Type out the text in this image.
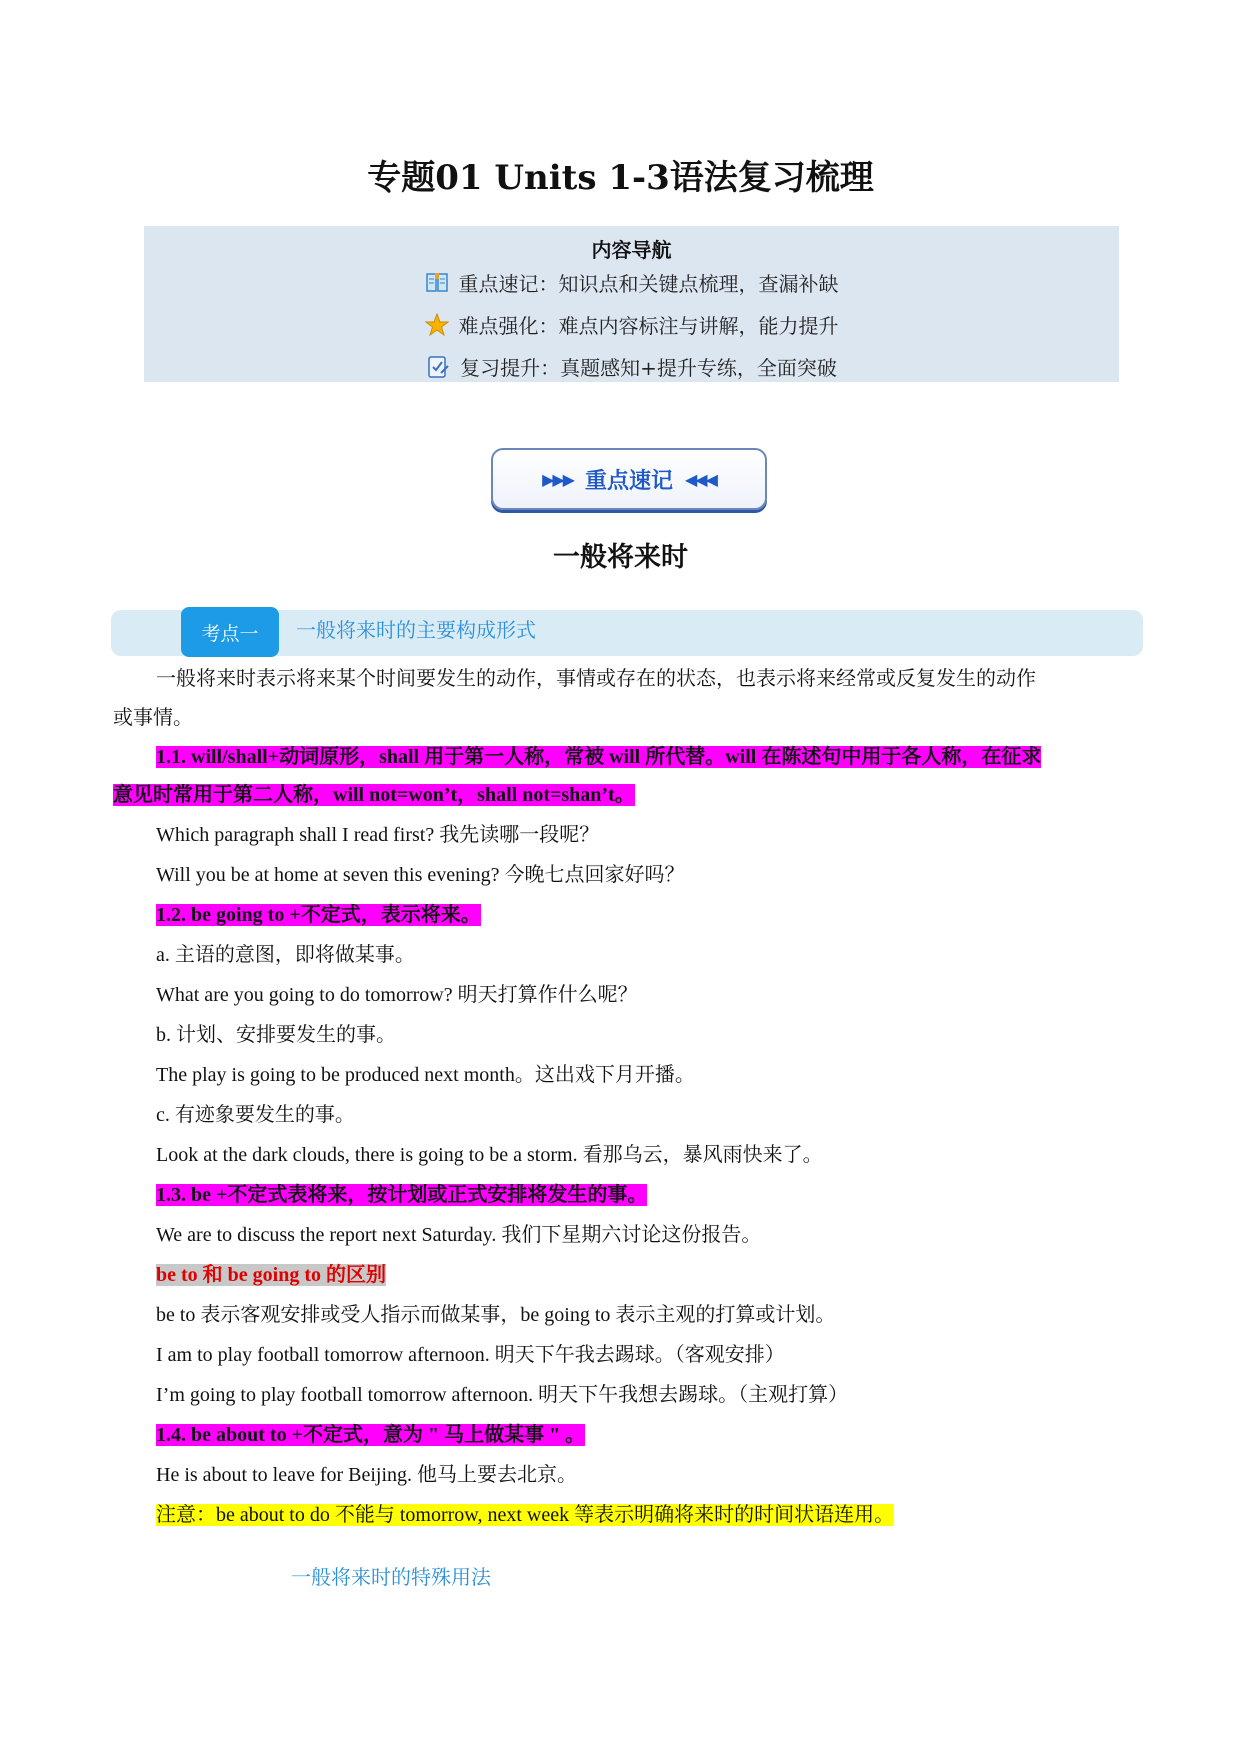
专题01 Units 1-3语法复习梳理
内容导航
重点速记：知识点和关键点梳理，查漏补缺
难点强化：难点内容标注与讲解，能力提升
复习提升：真题感知+提升专练，全面突破
▶▶▶ 重点速记 ◀◀◀
一般将来时
考点一	一般将来时的主要构成形式
一般将来时表示将来某个时间要发生的动作，事情或存在的状态，也表示将来经常或反复发生的动作
或事情。
1.1. will/shall+动词原形，shall 用于第一人称，常被 will 所代替。will 在陈述句中用于各人称，在征求
意见时常用于第二人称，will not=won’t，shall not=shan’t。
Which paragraph shall I read first? 我先读哪一段呢？
Will you be at home at seven this evening? 今晚七点回家好吗？
1.2. be going to +不定式，表示将来。
a. 主语的意图，即将做某事。
What are you going to do tomorrow? 明天打算作什么呢？
b. 计划、安排要发生的事。
The play is going to be produced next month。这出戏下月开播。
c. 有迹象要发生的事。
Look at the dark clouds, there is going to be a storm. 看那乌云，暴风雨快来了。
1.3. be +不定式表将来，按计划或正式安排将发生的事。
We are to discuss the report next Saturday. 我们下星期六讨论这份报告。
be to 和 be going to 的区别
be to 表示客观安排或受人指示而做某事，be going to 表示主观的打算或计划。
I am to play football tomorrow afternoon. 明天下午我去踢球。（客观安排）
I’m going to play football tomorrow afternoon. 明天下午我想去踢球。（主观打算）
1.4. be about to +不定式，意为 " 马上做某事 " 。
He is about to leave for Beijing. 他马上要去北京。
注意：be about to do 不能与 tomorrow, next week 等表示明确将来时的时间状语连用。
一般将来时的特殊用法
